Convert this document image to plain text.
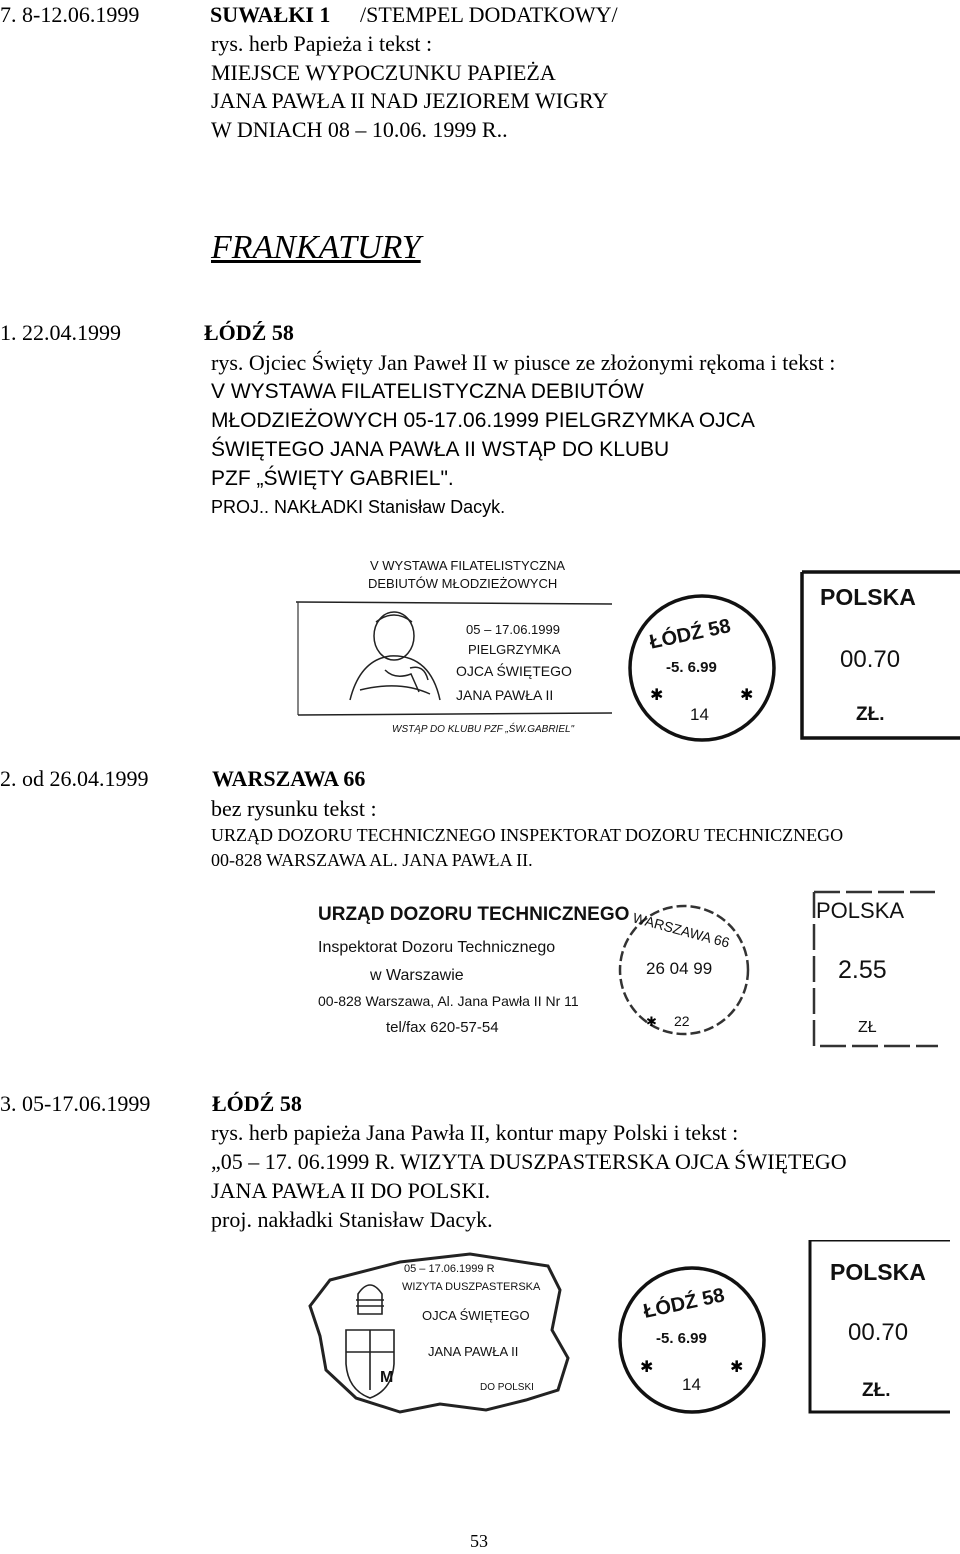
7. 8-12.06.1999	SUWAŁKI 1 /STEMPEL DODATKOWY/
rys. herb Papieża i tekst :
MIEJSCE WYPOCZUNKU PAPIEŻA
JANA PAWŁA II NAD JEZIOREM WIGRY
W DNIACH 08 – 10.06. 1999 R..
FRANKATURY
1. 22.04.1999	ŁÓDŹ 58
rys. Ojciec Święty Jan Paweł II w piusce ze złożonymi rękoma i tekst :
V WYSTAWA FILATELISTYCZNA DEBIUTÓW
MŁODZIEŻOWYCH 05-17.06.1999 PIELGRZYMKA OJCA
ŚWIĘTEGO JANA PAWŁA II WSTĄP DO KLUBU
PZF „ŚWIĘTY GABRIEL".
PROJ.. NAKŁADKI Stanisław Dacyk.
V WYSTAWA FILATELISTYCZNA
DEBIUTÓW MŁODZIEŻOWYCH
05 – 17.06.1999
PIELGRZYMKA
OJCA ŚWIĘTEGO
JANA PAWŁA II
WSTĄP DO KLUBU PZF „ŚW.GABRIEL"
ŁÓDŹ 58
-5. 6.99
14
✱	✱
POLSKA
00.70
ZŁ.
2. od 26.04.1999	WARSZAWA 66
bez rysunku tekst :
URZĄD DOZORU TECHNICZNEGO INSPEKTORAT DOZORU TECHNICZNEGO
00-828 WARSZAWA AL. JANA PAWŁA II.
URZĄD DOZORU TECHNICZNEGO
Inspektorat Dozoru Technicznego
w Warszawie
00-828 Warszawa, Al. Jana Pawła II Nr 11
tel/fax 620-57-54
WARSZAWA 66
26 04 99
22
✱
POLSKA
2.55
ZŁ
3. 05-17.06.1999	ŁÓDŹ 58
rys. herb papieża Jana Pawła II, kontur mapy Polski i tekst :
„05 – 17. 06.1999 R. WIZYTA DUSZPASTERSKA OJCA ŚWIĘTEGO
JANA PAWŁA II DO POLSKI.
proj. nakładki Stanisław Dacyk.
M
05 – 17.06.1999 R
WIZYTA DUSZPASTERSKA
OJCA ŚWIĘTEGO
JANA PAWŁA II
DO POLSKI
ŁÓDŹ 58
-5. 6.99
14
✱	✱
POLSKA
00.70
ZŁ.
53
